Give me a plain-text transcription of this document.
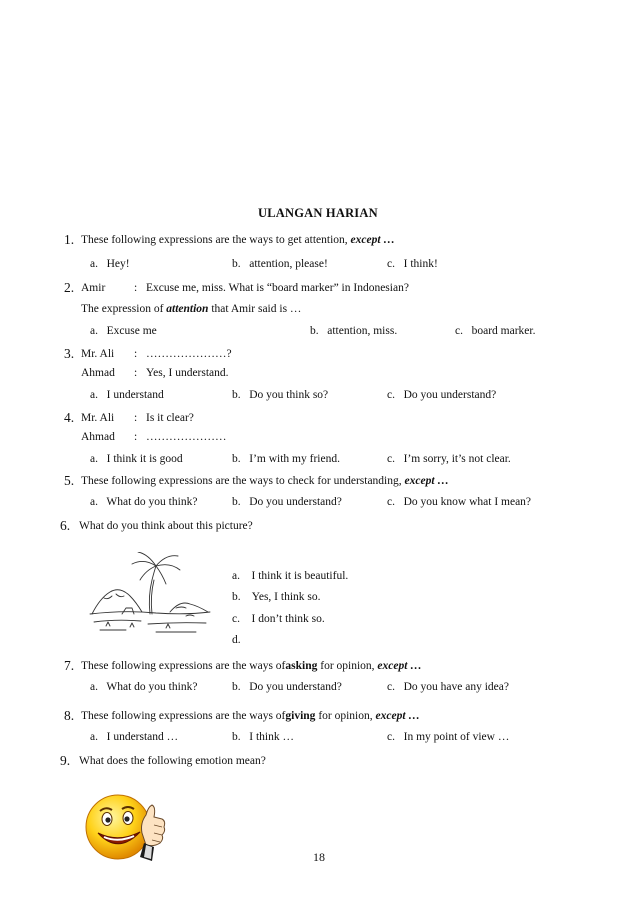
ULANGAN HARIAN
1. These following expressions are the ways to get attention, except …
a. Hey!	b. attention, please!	c. I think!
2. Amir : Excuse me, miss. What is “board marker” in Indonesian?
The expression of attention that Amir said is …
a. Excuse me	b. attention, miss.	c. board marker.
3. Mr. Ali : …………………?
Ahmad : Yes, I understand.
a. I understand	b. Do you think so?	c. Do you understand?
4. Mr. Ali : Is it clear?
Ahmad : …………………
a. I think it is good	b. I’m with my friend.	c. I’m sorry, it’s not clear.
5. These following expressions are the ways to check for understanding, except …
a. What do you think?	b. Do you understand?	c. Do you know what I mean?
6. What do you think about this picture?
a. I think it is beautiful.
b. Yes, I think so.
c. I don’t think so.
d.
7. These following expressions are the ways ofasking for opinion, except …
a. What do you think?	b. Do you understand?	c. Do you have any idea?
8. These following expressions are the ways ofgiving for opinion, except …
a. I understand …	b. I think …	c. In my point of view …
9. What does the following emotion mean?
18
